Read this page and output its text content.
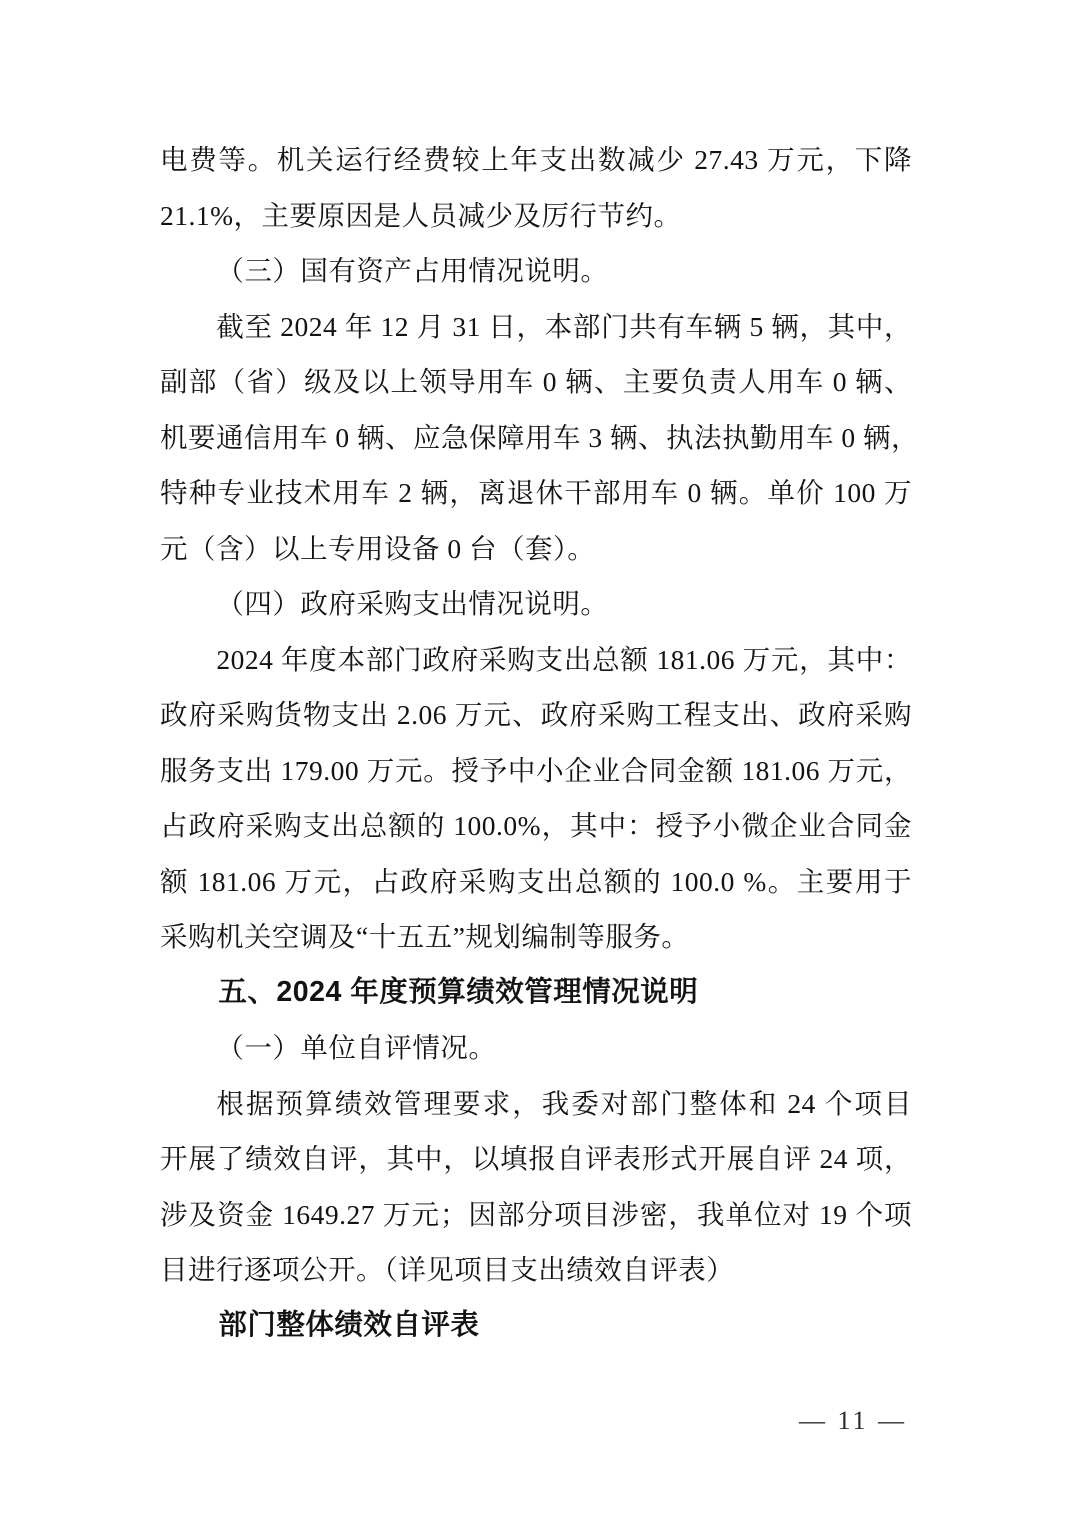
电费等。机关运行经费较上年支出数减少 27.43 万元，下降
21.1%，主要原因是人员减少及厉行节约。
（三）国有资产占用情况说明。
截至 2024 年 12 月 31 日，本部门共有车辆 5 辆，其中，
副部（省）级及以上领导用车 0 辆、主要负责人用车 0 辆、
机要通信用车 0 辆、应急保障用车 3 辆、执法执勤用车 0 辆，
特种专业技术用车 2 辆，离退休干部用车 0 辆。单价 100 万
元（含）以上专用设备 0 台（套）。
（四）政府采购支出情况说明。
2024 年度本部门政府采购支出总额 181.06 万元，其中：
政府采购货物支出 2.06 万元、政府采购工程支出、政府采购
服务支出 179.00 万元。授予中小企业合同金额 181.06 万元，
占政府采购支出总额的 100.0%，其中：授予小微企业合同金
额 181.06 万元，占政府采购支出总额的 100.0 %。主要用于
采购机关空调及“十五五”规划编制等服务。
五、2024 年度预算绩效管理情况说明
（一）单位自评情况。
根据预算绩效管理要求，我委对部门整体和 24 个项目
开展了绩效自评，其中，以填报自评表形式开展自评 24 项，
涉及资金 1649.27 万元；因部分项目涉密，我单位对 19 个项
目进行逐项公开。（详见项目支出绩效自评表）
部门整体绩效自评表
— 11 —
